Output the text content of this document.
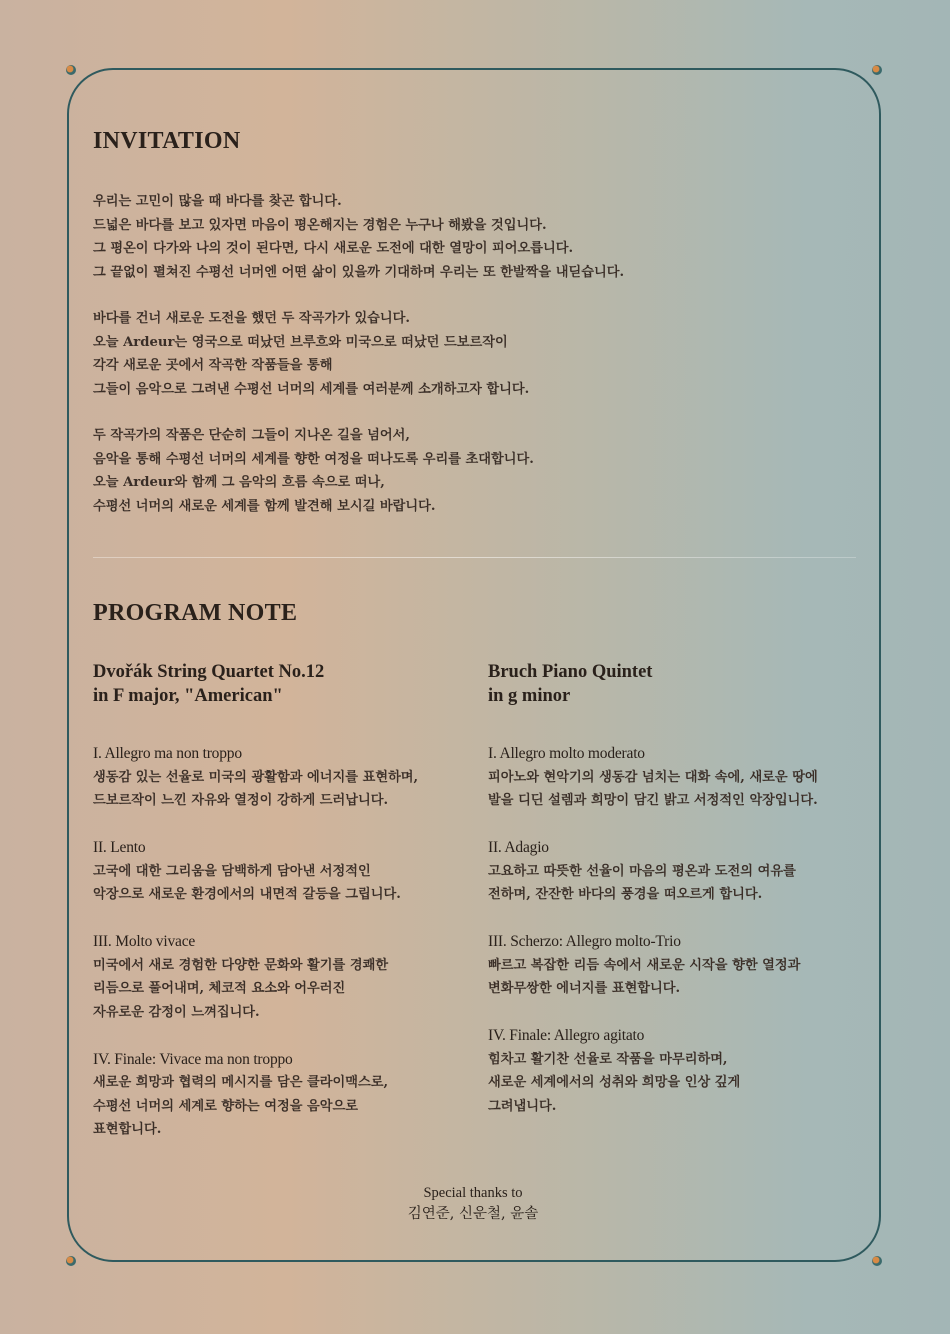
INVITATION

우리는 고민이 많을 때 바다를 찾곤 합니다.
드넓은 바다를 보고 있자면 마음이 평온해지는 경험은 누구나 해봤을 것입니다.
그 평온이 다가와 나의 것이 된다면, 다시 새로운 도전에 대한 열망이 피어오릅니다.
그 끝없이 펼쳐진 수평선 너머엔 어떤 삶이 있을까 기대하며 우리는 또 한발짝을 내딛습니다.

바다를 건너 새로운 도전을 했던 두 작곡가가 있습니다.
오늘 Ardeur는 영국으로 떠났던 브루흐와 미국으로 떠났던 드보르작이
각각 새로운 곳에서 작곡한 작품들을 통해
그들이 음악으로 그려낸 수평선 너머의 세계를 여러분께 소개하고자 합니다.

두 작곡가의 작품은 단순히 그들이 지나온 길을 넘어서,
음악을 통해 수평선 너머의 세계를 향한 여정을 떠나도록 우리를 초대합니다.
오늘 Ardeur와 함께 그 음악의 흐름 속으로 떠나,
수평선 너머의 새로운 세계를 함께 발견해 보시길 바랍니다.

PROGRAM NOTE
Dvořák String Quartet No.12
in F major, "American"
I. Allegro ma non troppo
생동감 있는 선율로 미국의 광활함과 에너지를 표현하며,
드보르작이 느낀 자유와 열정이 강하게 드러납니다.
II. Lento
고국에 대한 그리움을 담백하게 담아낸 서정적인
악장으로 새로운 환경에서의 내면적 갈등을 그립니다.
III. Molto vivace
미국에서 새로 경험한 다양한 문화와 활기를 경쾌한
리듬으로 풀어내며, 체코적 요소와 어우러진
자유로운 감정이 느껴집니다.
IV. Finale: Vivace ma non troppo
새로운 희망과 협력의 메시지를 담은 클라이맥스로,
수평선 너머의 세계로 향하는 여정을 음악으로
표현합니다.
Bruch Piano Quintet
in g minor
I. Allegro molto moderato
피아노와 현악기의 생동감 넘치는 대화 속에, 새로운 땅에
발을 디딘 설렘과 희망이 담긴 밝고 서정적인 악장입니다.
II. Adagio
고요하고 따뜻한 선율이 마음의 평온과 도전의 여유를
전하며, 잔잔한 바다의 풍경을 떠오르게 합니다.
III. Scherzo: Allegro molto-Trio
빠르고 복잡한 리듬 속에서 새로운 시작을 향한 열정과
변화무쌍한 에너지를 표현합니다.
IV. Finale: Allegro agitato
힘차고 활기찬 선율로 작품을 마무리하며,
새로운 세계에서의 성취와 희망을 인상 깊게
그려냅니다.
Special thanks to
김연준, 신운철, 윤솔
